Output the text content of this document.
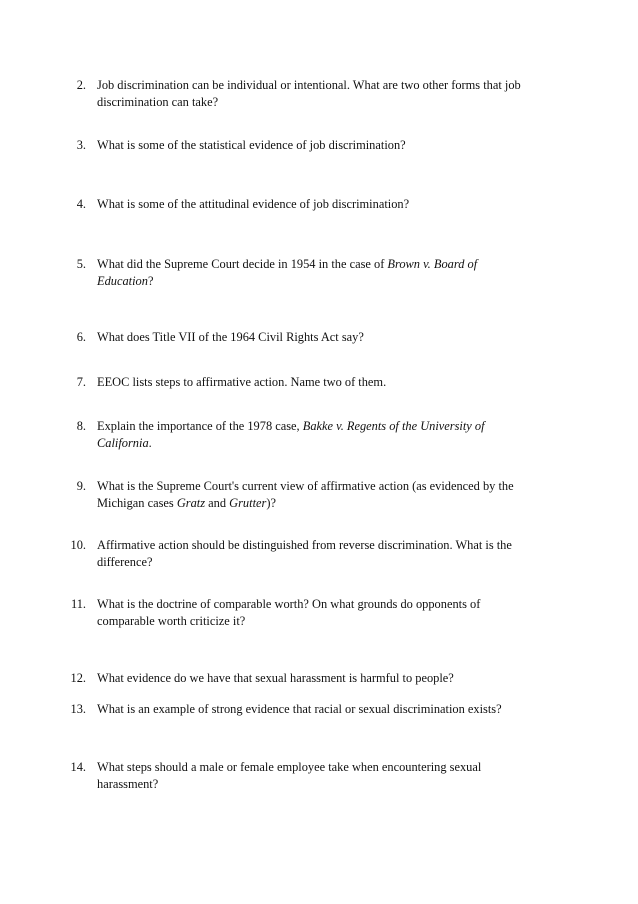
2. Job discrimination can be individual or intentional. What are two other forms that job
discrimination can take?
3. What is some of the statistical evidence of job discrimination?
4. What is some of the attitudinal evidence of job discrimination?
5. What did the Supreme Court decide in 1954 in the case of Brown v. Board of
Education?
6. What does Title VII of the 1964 Civil Rights Act say?
7. EEOC lists steps to affirmative action. Name two of them.
8. Explain the importance of the 1978 case, Bakke v. Regents of the University of
California.
9. What is the Supreme Court's current view of affirmative action (as evidenced by the
Michigan cases Gratz and Grutter)?
10. Affirmative action should be distinguished from reverse discrimination. What is the
difference?
11. What is the doctrine of comparable worth? On what grounds do opponents of
comparable worth criticize it?
12. What evidence do we have that sexual harassment is harmful to people?
13. What is an example of strong evidence that racial or sexual discrimination exists?
14. What steps should a male or female employee take when encountering sexual
harassment?
